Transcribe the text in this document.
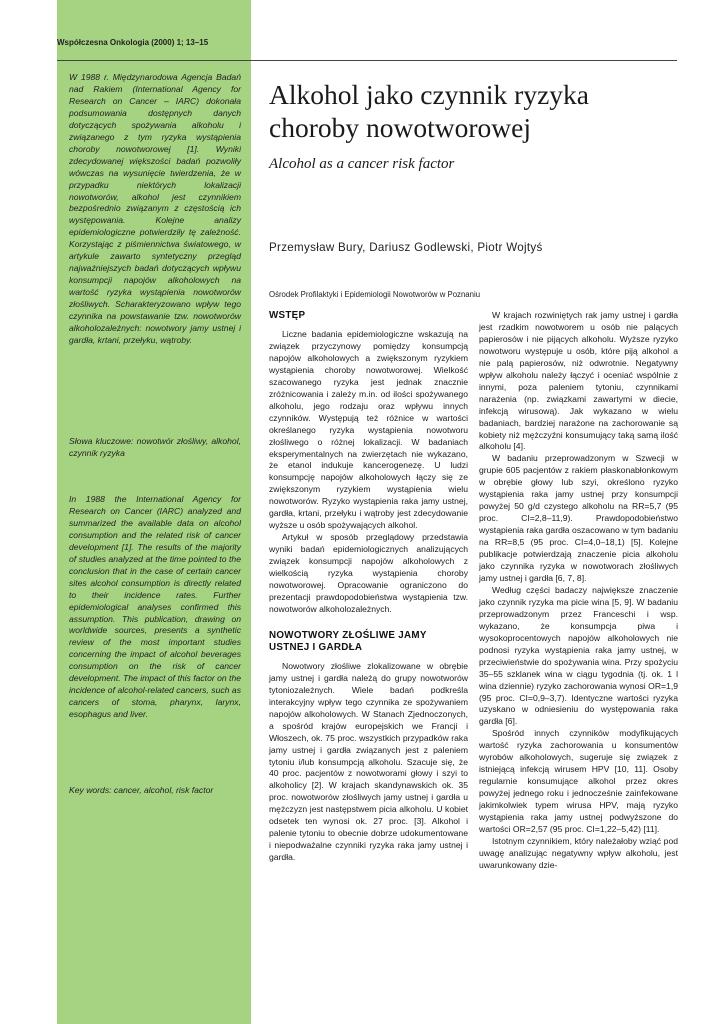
Współczesna Onkologia (2000) 1; 13–15

W 1988 r. Międzynarodowa Agencja Badań nad Rakiem (International Agency for Research on Cancer – IARC) dokonała podsumowania dostępnych danych dotyczących spożywania alkoholu i związanego z tym ryzyka wystąpienia choroby nowotworowej [1]. Wyniki zdecydowanej większości badań pozwoliły wówczas na wysunięcie twierdzenia, że w przypadku niektórych lokalizacji nowotworów, alkohol jest czynnikiem bezpośrednio związanym z częstością ich występowania. Kolejne analizy epidemiologiczne potwierdziły tę zależność. Korzystając z piśmiennictwa światowego, w artykule zawarto syntetyczny przegląd najważniejszych badań dotyczących wpływu konsumpcji napojów alkoholowych na wartość ryzyka wystąpienia nowotworów złośliwych. Scharakteryzowano wpływ tego czynnika na powstawanie tzw. nowotworów alkoholozależnych: nowotwory jamy ustnej i gardła, krtani, przełyku, wątroby.

Słowa kluczowe: nowotwór złośliwy, alkohol, czynnik ryzyka

In 1988 the International Agency for Research on Cancer (IARC) analyzed and summarized the available data on alcohol consumption and the related risk of cancer development [1]. The results of the majority of studies analyzed at the time pointed to the conclusion that in the case of certain cancer sites alcohol consumption is directly related to their incidence rates. Further epidemiological analyses confirmed this assumption. This publication, drawing on worldwide sources, presents a synthetic review of the most important studies concerning the impact of alcohol beverages consumption on the risk of cancer development. The impact of this factor on the incidence of alcohol-related cancers, such as cancers of stoma, pharynx, larynx, esophagus and liver.

Key words: cancer, alcohol, risk factor

Alkohol jako czynnik ryzyka choroby nowotworowej

Alcohol as a cancer risk factor

Przemysław Bury, Dariusz Godlewski, Piotr Wojtyś

Ośrodek Profilaktyki i Epidemiologii Nowotworów w Poznaniu

WSTĘP

Liczne badania epidemiologiczne wskazują na związek przyczynowy pomiędzy konsumpcją napojów alkoholowych a zwiększonym ryzykiem wystąpienia choroby nowotworowej. Wielkość szacowanego ryzyka jest jednak znacznie zróżnicowania i zależy m.in. od ilości spożywanego alkoholu, jego rodzaju oraz wpływu innych czynników. Występują też różnice w wartości określanego ryzyka wystąpienia nowotworu złośliwego o różnej lokalizacji. W badaniach eksperymentalnych na zwierzętach nie wykazano, że etanol indukuje kancerogenezę. U ludzi konsumpcję napojów alkoholowych łączy się ze zwiększonym ryzykiem wystąpienia wielu nowotworów. Ryzyko wystąpienia raka jamy ustnej, gardła, krtani, przełyku i wątroby jest zdecydowanie wyższe u osób spożywających alkohol.

Artykuł w sposób przeglądowy przedstawia wyniki badań epidemiologicznych analizujących związek konsumpcji napojów alkoholowych z wielkością ryzyka wystąpienia choroby nowotworowej. Opracowanie ograniczono do prezentacji prawdopodobieństwa wystąpienia tzw. nowotworów alkoholozależnych.

NOWOTWORY ZŁOŚLIWE JAMY USTNEJ I GARDŁA

Nowotwory złośliwe zlokalizowane w obrębie jamy ustnej i gardła należą do grupy nowotworów tytoniozależnych. Wiele badań podkreśla interakcyjny wpływ tego czynnika ze spożywaniem napojów alkoholowych. W Stanach Zjednoczonych, a spośród krajów europejskich we Francji i Włoszech, ok. 75 proc. wszystkich przypadków raka jamy ustnej i gardła związanych jest z paleniem tytoniu i/lub konsumpcją alkoholu. Szacuje się, że 40 proc. pacjentów z nowotworami głowy i szyi to alkoholicy [2]. W krajach skandynawskich ok. 35 proc. nowotworów złośliwych jamy ustnej i gardła u mężczyzn jest następstwem picia alkoholu. U kobiet odsetek ten wynosi ok. 27 proc. [3]. Alkohol i palenie tytoniu to obecnie dobrze udokumentowane i niepodważalne czynniki ryzyka raka jamy ustnej i gardła.

W krajach rozwiniętych rak jamy ustnej i gardła jest rzadkim nowotworem u osób nie palących papierosów i nie pijących alkoholu. Wyższe ryzyko nowotworu występuje u osób, które piją alkohol a nie palą papierosów, niż odwrotnie. Negatywny wpływ alkoholu należy łączyć i oceniać wspólnie z innymi, poza paleniem tytoniu, czynnikami narażenia (np. związkami zawartymi w diecie, infekcją wirusową). Jak wykazano w wielu badaniach, bardziej narażone na zachorowanie są kobiety niż mężczyźni konsumujący taką samą ilość alkoholu [4].

W badaniu przeprowadzonym w Szwecji w grupie 605 pacjentów z rakiem płaskonabłonkowym w obrębie głowy lub szyi, określono ryzyko wystąpienia raka jamy ustnej przy konsumpcji powyżej 50 g/d czystego alkoholu na RR=5,7 (95 proc. CI=2,8–11,9). Prawdopodobieństwo wystąpienia raka gardła oszacowano w tym badaniu na RR=8,5 (95 proc. CI=4,0–18,1) [5]. Kolejne publikacje potwierdzają znaczenie picia alkoholu jako czynnika ryzyka w nowotworach złośliwych jamy ustnej i gardła [6, 7, 8].

Według części badaczy największe znaczenie jako czynnik ryzyka ma picie wina [5, 9]. W badaniu przeprowadzonym przez Franceschi i wsp. wykazano, że konsumpcja piwa i wysokoprocentowych napojów alkoholowych nie podnosi ryzyka wystąpienia raka jamy ustnej, w przeciwieństwie do spożywania wina. Przy spożyciu 35–55 szklanek wina w ciągu tygodnia (tj. ok. 1 l wina dziennie) ryzyko zachorowania wynosi OR=1,9 (95 proc. CI=0,9–3,7). Identyczne wartości ryzyka uzyskano w odniesieniu do występowania raka gardła [6].

Spośród innych czynników modyfikujących wartość ryzyka zachorowania u konsumentów wyrobów alkoholowych, sugeruje się związek z istniejącą infekcją wirusem HPV [10, 11]. Osoby regularnie konsumujące alkohol przez okres powyżej jednego roku i jednocześnie zainfekowane jakimkolwiek typem wirusa HPV, mają ryzyko wystąpienia raka jamy ustnej podwyższone do wartości OR=2,57 (95 proc. CI=1,22–5,42) [11].

Istotnym czynnikiem, który należałoby wziąć pod uwagę analizując negatywny wpływ alkoholu, jest uwarunkowany dzie-
